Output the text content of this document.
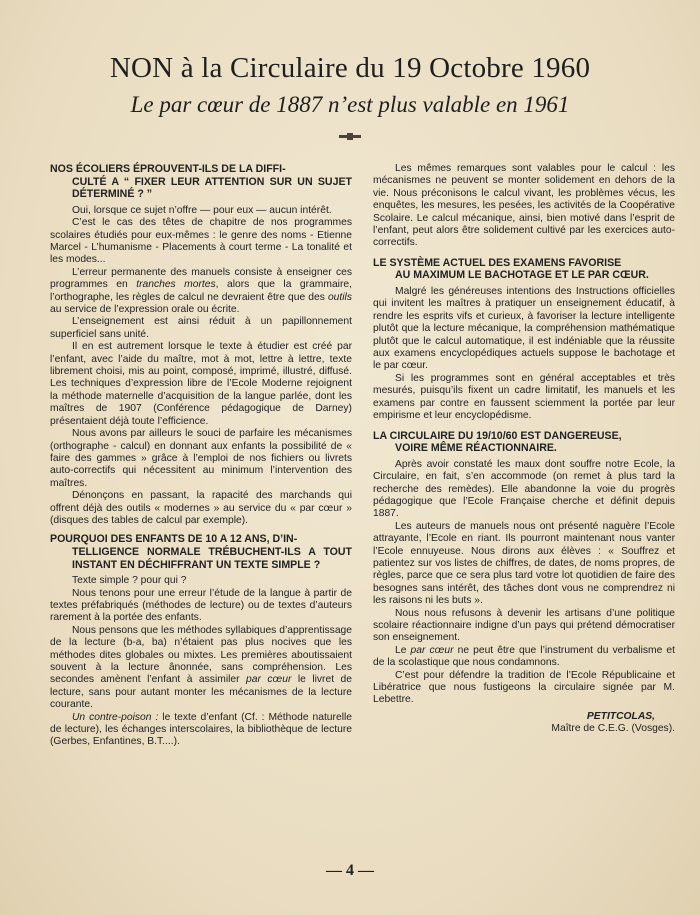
NON à la Circulaire du 19 Octobre 1960
Le par cœur de 1887 n’est plus valable en 1961
NOS ÉCOLIERS ÉPROUVENT-ILS DE LA DIFFI-
CULTÉ A “ FIXER LEUR ATTENTION SUR UN SUJET DÉTERMINÉ ? ”

Oui, lorsque ce sujet n’offre — pour eux — aucun intérêt.

C’est le cas des têtes de chapitre de nos programmes scolaires étudiés pour eux-mêmes : le genre des noms - Etienne Marcel - L’humanisme - Placements à court terme - La tonalité et les modes...

L’erreur permanente des manuels consiste à enseigner ces programmes en tranches mortes, alors que la grammaire, l’orthographe, les règles de calcul ne devraient être que des outils au service de l’expression orale ou écrite.

L’enseignement est ainsi réduit à un papillonnement superficiel sans unité.

Il en est autrement lorsque le texte à étudier est créé par l’enfant, avec l’aide du maître, mot à mot, lettre à lettre, texte librement choisi, mis au point, composé, imprimé, illustré, diffusé. Les techniques d’expression libre de l’Ecole Moderne rejoignent la méthode maternelle d’acquisition de la langue parlée, dont les maîtres de 1907 (Conférence pédagogique de Darney) présentaient déjà toute l’efficience.

Nous avons par ailleurs le souci de parfaire les mécanismes (orthographe - calcul) en donnant aux enfants la possibilité de « faire des gammes » grâce à l’emploi de nos fichiers ou livrets auto-correctifs qui nécessitent au minimum l’intervention des maîtres.

Dénonçons en passant, la rapacité des marchands qui offrent déjà des outils « modernes » au service du « par cœur » (disques des tables de calcul par exemple).

POURQUOI DES ENFANTS DE 10 A 12 ANS, D’IN-
TELLIGENCE NORMALE TRÉBUCHENT-ILS A TOUT INSTANT EN DÉCHIFFRANT UN TEXTE SIMPLE ?

Texte simple ? pour qui ?

Nous tenons pour une erreur l’étude de la langue à partir de textes préfabriqués (méthodes de lecture) ou de textes d’auteurs rarement à la portée des enfants.

Nous pensons que les méthodes syllabiques d’apprentissage de la lecture (b-a, ba) n’étaient pas plus nocives que les méthodes dites globales ou mixtes. Les premières aboutissaient souvent à la lecture ânonnée, sans compréhension. Les secondes amènent l’enfant à assimiler par cœur le livret de lecture, sans pour autant monter les mécanismes de la lecture courante.

Un contre-poison : le texte d’enfant (Cf. : Méthode naturelle de lecture), les échanges interscolaires, la bibliothèque de lecture (Gerbes, Enfantines, B.T....).

Les mêmes remarques sont valables pour le calcul : les mécanismes ne peuvent se monter solidement en dehors de la vie. Nous préconisons le calcul vivant, les problèmes vécus, les enquêtes, les mesures, les pesées, les activités de la Coopérative Scolaire. Le calcul mécanique, ainsi, bien motivé dans l’esprit de l’enfant, peut alors être solidement cultivé par les exercices auto-correctifs.

LE SYSTÈME ACTUEL DES EXAMENS FAVORISE
AU MAXIMUM LE BACHOTAGE ET LE PAR CŒUR.

Malgré les généreuses intentions des Instructions officielles qui invitent les maîtres à pratiquer un enseignement éducatif, à rendre les esprits vifs et curieux, à favoriser la lecture intelligente plutôt que la lecture mécanique, la compréhension mathématique plutôt que le calcul automatique, il est indéniable que la réussite aux examens encyclopédiques actuels suppose le bachotage et le par cœur.

Si les programmes sont en général acceptables et très mesurés, puisqu’ils fixent un cadre limitatif, les manuels et les examens par contre en faussent sciemment la portée par leur empirisme et leur encyclopédisme.

LA CIRCULAIRE DU 19/10/60 EST DANGEREUSE,
VOIRE MÊME RÉACTIONNAIRE.

Après avoir constaté les maux dont souffre notre Ecole, la Circulaire, en fait, s’en accommode (on remet à plus tard la recherche des remèdes). Elle abandonne la voie du progrès pédagogique que l’Ecole Française cherche et définit depuis 1887.

Les auteurs de manuels nous ont présenté naguère l’Ecole attrayante, l’Ecole en riant. Ils pourront maintenant nous vanter l’Ecole ennuyeuse. Nous dirons aux élèves : « Souffrez et patientez sur vos listes de chiffres, de dates, de noms propres, de règles, parce que ce sera plus tard votre lot quotidien de faire des besognes sans intérêt, des tâches dont vous ne comprendrez ni les raisons ni les buts ».

Nous nous refusons à devenir les artisans d’une politique scolaire réactionnaire indigne d’un pays qui prétend démocratiser son enseignement.

Le par cœur ne peut être que l’instrument du verbalisme et de la scolastique que nous condamnons.

C’est pour défendre la tradition de l’Ecole Républicaine et Libératrice que nous fustigeons la circulaire signée par M. Lebettre.

PETITCOLAS,

Maître de C.E.G. (Vosges).

— 4 —
